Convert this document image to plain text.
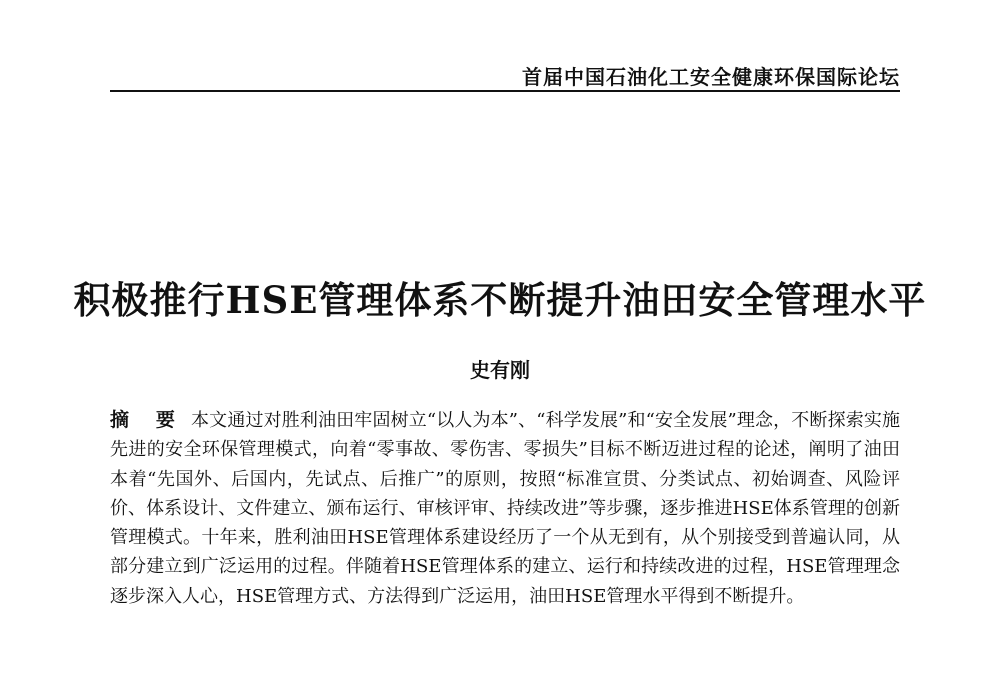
首届中国石油化工安全健康环保国际论坛
积极推行HSE管理体系不断提升油田安全管理水平
史有刚
摘 要 本文通过对胜利油田牢固树立“以人为本”、“科学发展”和“安全发展”理念，不断探索实施先进的安全环保管理模式，向着“零事故、零伤害、零损失”目标不断迈进过程的论述，阐明了油田本着“先国外、后国内，先试点、后推广”的原则，按照“标准宣贯、分类试点、初始调查、风险评价、体系设计、文件建立、颁布运行、审核评审、持续改进”等步骤，逐步推进HSE体系管理的创新管理模式。十年来，胜利油田HSE管理体系建设经历了一个从无到有，从个别接受到普遍认同，从部分建立到广泛运用的过程。伴随着HSE管理体系的建立、运行和持续改进的过程，HSE管理理念逐步深入人心，HSE管理方式、方法得到广泛运用，油田HSE管理水平得到不断提升。
